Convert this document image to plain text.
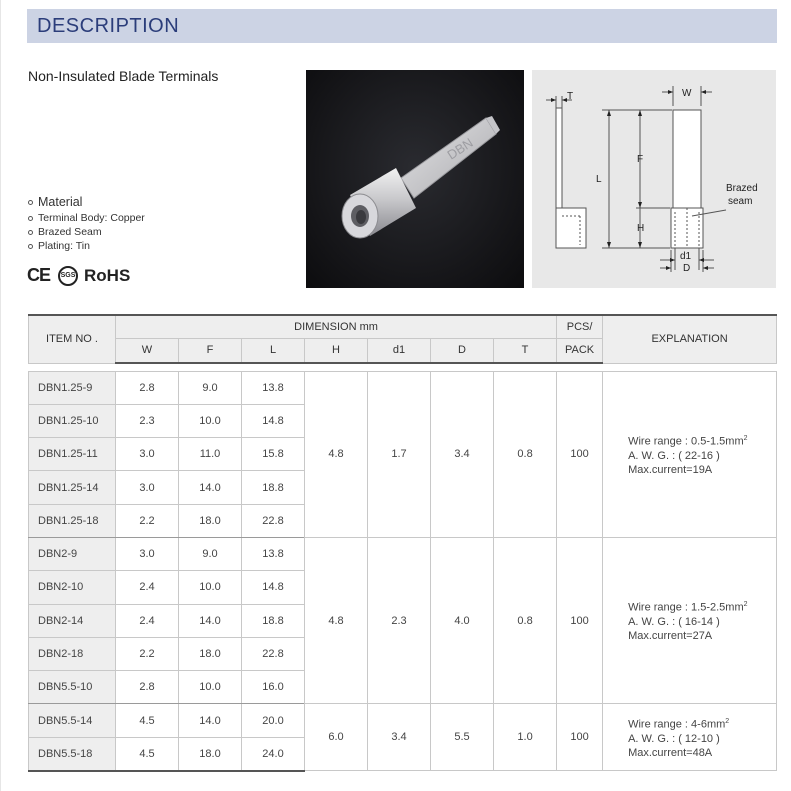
DESCRIPTION
Non-Insulated Blade Terminals
Material
Terminal Body: Copper
Brazed Seam
Plating: Tin
CE	SGS RoHS
DBN
T	W
L
F
H
d1
D
Brazed
seam
ITEM NO .	DIMENSION mm							PCS/	EXPLANATION
	W	F	L	H	d1	D	T	PACK	

DBN1.25-9	2.8	9.0	13.8	4.8	1.7	3.4	0.8	100	Wire range : $0.5-1.5mm^2$
A. W. G. : ( 22-16 )
Max.current=19A

DBN1.25-10	2.3	10.0	14.8						
DBN1.25-11	3.0	11.0	15.8						
DBN1.25-14	3.0	14.0	18.8						
DBN1.25-18	2.2	18.0	22.8						
DBN2-9	3.0	9.0	13.8	4.8	2.3	4.0	0.8	100	Wire range : $1.5-2.5mm^2$
A. W. G. : ( 16-14 )
Max.current=27A

DBN2-10	2.4	10.0	14.8						
DBN2-14	2.4	14.0	18.8						
DBN2-18	2.2	18.0	22.8						
DBN5.5-10	2.8	10.0	16.0						
DBN5.5-14	4.5	14.0	20.0	6.0	3.4	5.5	1.0	100	Wire range : $4-6mm^2$
A. W. G. : ( 12-10 )
Max.current=48A

DBN5.5-18	4.5	18.0	24.0						
